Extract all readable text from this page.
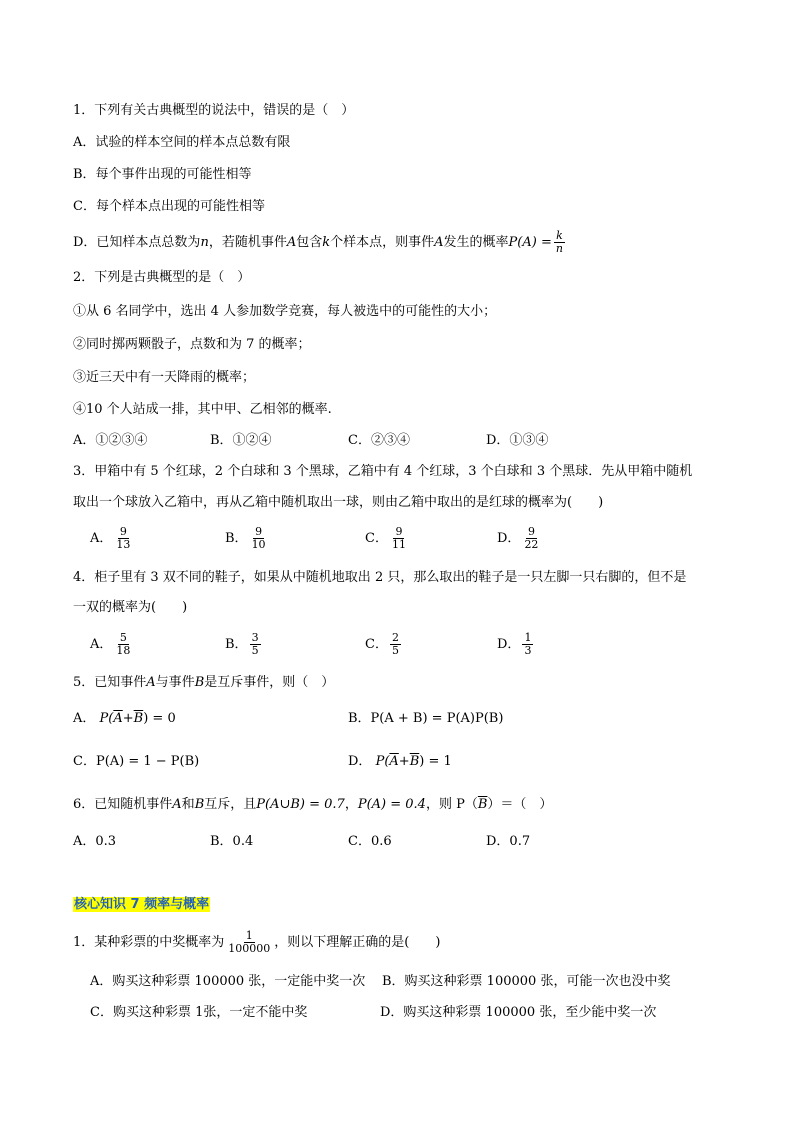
1．下列有关古典概型的说法中，错误的是（　）
A．试验的样本空间的样本点总数有限
B．每个事件出现的可能性相等
C．每个样本点出现的可能性相等
D．已知样本点总数为n，若随机事件A包含k个样本点，则事件A发生的概率$P(A) = \frac{k}{n}$
2．下列是古典概型的是（　）
①从 6 名同学中，选出 4 人参加数学竞赛，每人被选中的可能性的大小；
②同时掷两颗骰子，点数和为 7 的概率；
③近三天中有一天降雨的概率；
④10 个人站成一排，其中甲、乙相邻的概率.
A．①②③④	B．①②④	C．②③④	D．①③④
3．甲箱中有 5 个红球，2 个白球和 3 个黑球，乙箱中有 4 个红球，3 个白球和 3 个黑球．先从甲箱中随机
取出一个球放入乙箱中，再从乙箱中随机取出一球，则由乙箱中取出的是红球的概率为(　　)
A． $\frac{9}{13}$	B． $\frac{9}{10}$	C． $\frac{9}{11}$	D． $\frac{9}{22}$
4．柜子里有 3 双不同的鞋子，如果从中随机地取出 2 只，那么取出的鞋子是一只左脚一只右脚的，但不是
一双的概率为(　　)
A． $\frac{5}{18}$	B． $\frac{3}{5}$	C． $\frac{2}{5}$	D． $\frac{1}{3}$
5．已知事件A与事件B是互斥事件，则（　）
A． $P(\overline{A}+\overline{B}) = 0$	B．P(A + B) = P(A)P(B)
C．P(A) = 1 − P(B)	D． $P(\overline{A}+\overline{B}) = 1$
6．已知随机事件A和B互斥，且P(A∪B) = 0.7，P(A) = 0.4，则 $P(\overline{B})=$（　）
A．0.3	B．0.4	C．0.6	D．0.7
核心知识 7 频率与概率
1．某种彩票的中奖概率为 $\frac{1}{100000}$ ，则以下理解正确的是(　　)
A．购买这种彩票 100000 张，一定能中奖一次 B．购买这种彩票 100000 张，可能一次也没中奖
C．购买这种彩票 1张，一定不能中奖	D．购买这种彩票 100000 张，至少能中奖一次
